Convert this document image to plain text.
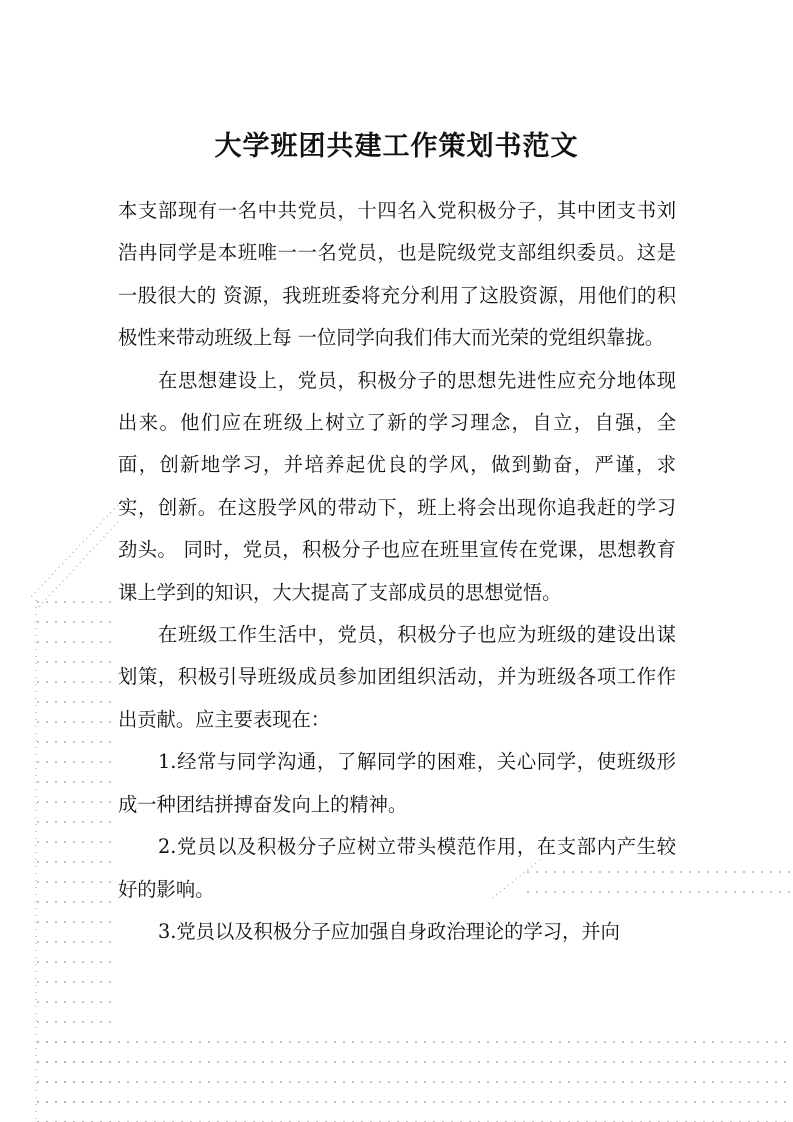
大学班团共建工作策划书范文

本支部现有一名中共党员，十四名入党积极分子，其中团支书刘浩冉同学是本班唯一一名党员，也是院级党支部组织委员。这是一股很大的 资源，我班班委将充分利用了这股资源，用他们的积极性来带动班级上每 一位同学向我们伟大而光荣的党组织靠拢。

在思想建设上，党员，积极分子的思想先进性应充分地体现出来。他们应在班级上树立了新的学习理念，自立，自强，全面，创新地学习，并培养起优良的学风，做到勤奋，严谨，求实，创新。在这股学风的带动下，班上将会出现你追我赶的学习劲头。 同时，党员，积极分子也应在班里宣传在党课，思想教育课上学到的知识，大大提高了支部成员的思想觉悟。

在班级工作生活中，党员，积极分子也应为班级的建设出谋划策，积极引导班级成员参加团组织活动，并为班级各项工作作出贡献。应主要表现在：

1.经常与同学沟通，了解同学的困难，关心同学，使班级形成一种团结拼搏奋发向上的精神。

2.党员以及积极分子应树立带头模范作用，在支部内产生较好的影响。

3.党员以及积极分子应加强自身政治理论的学习，并向
